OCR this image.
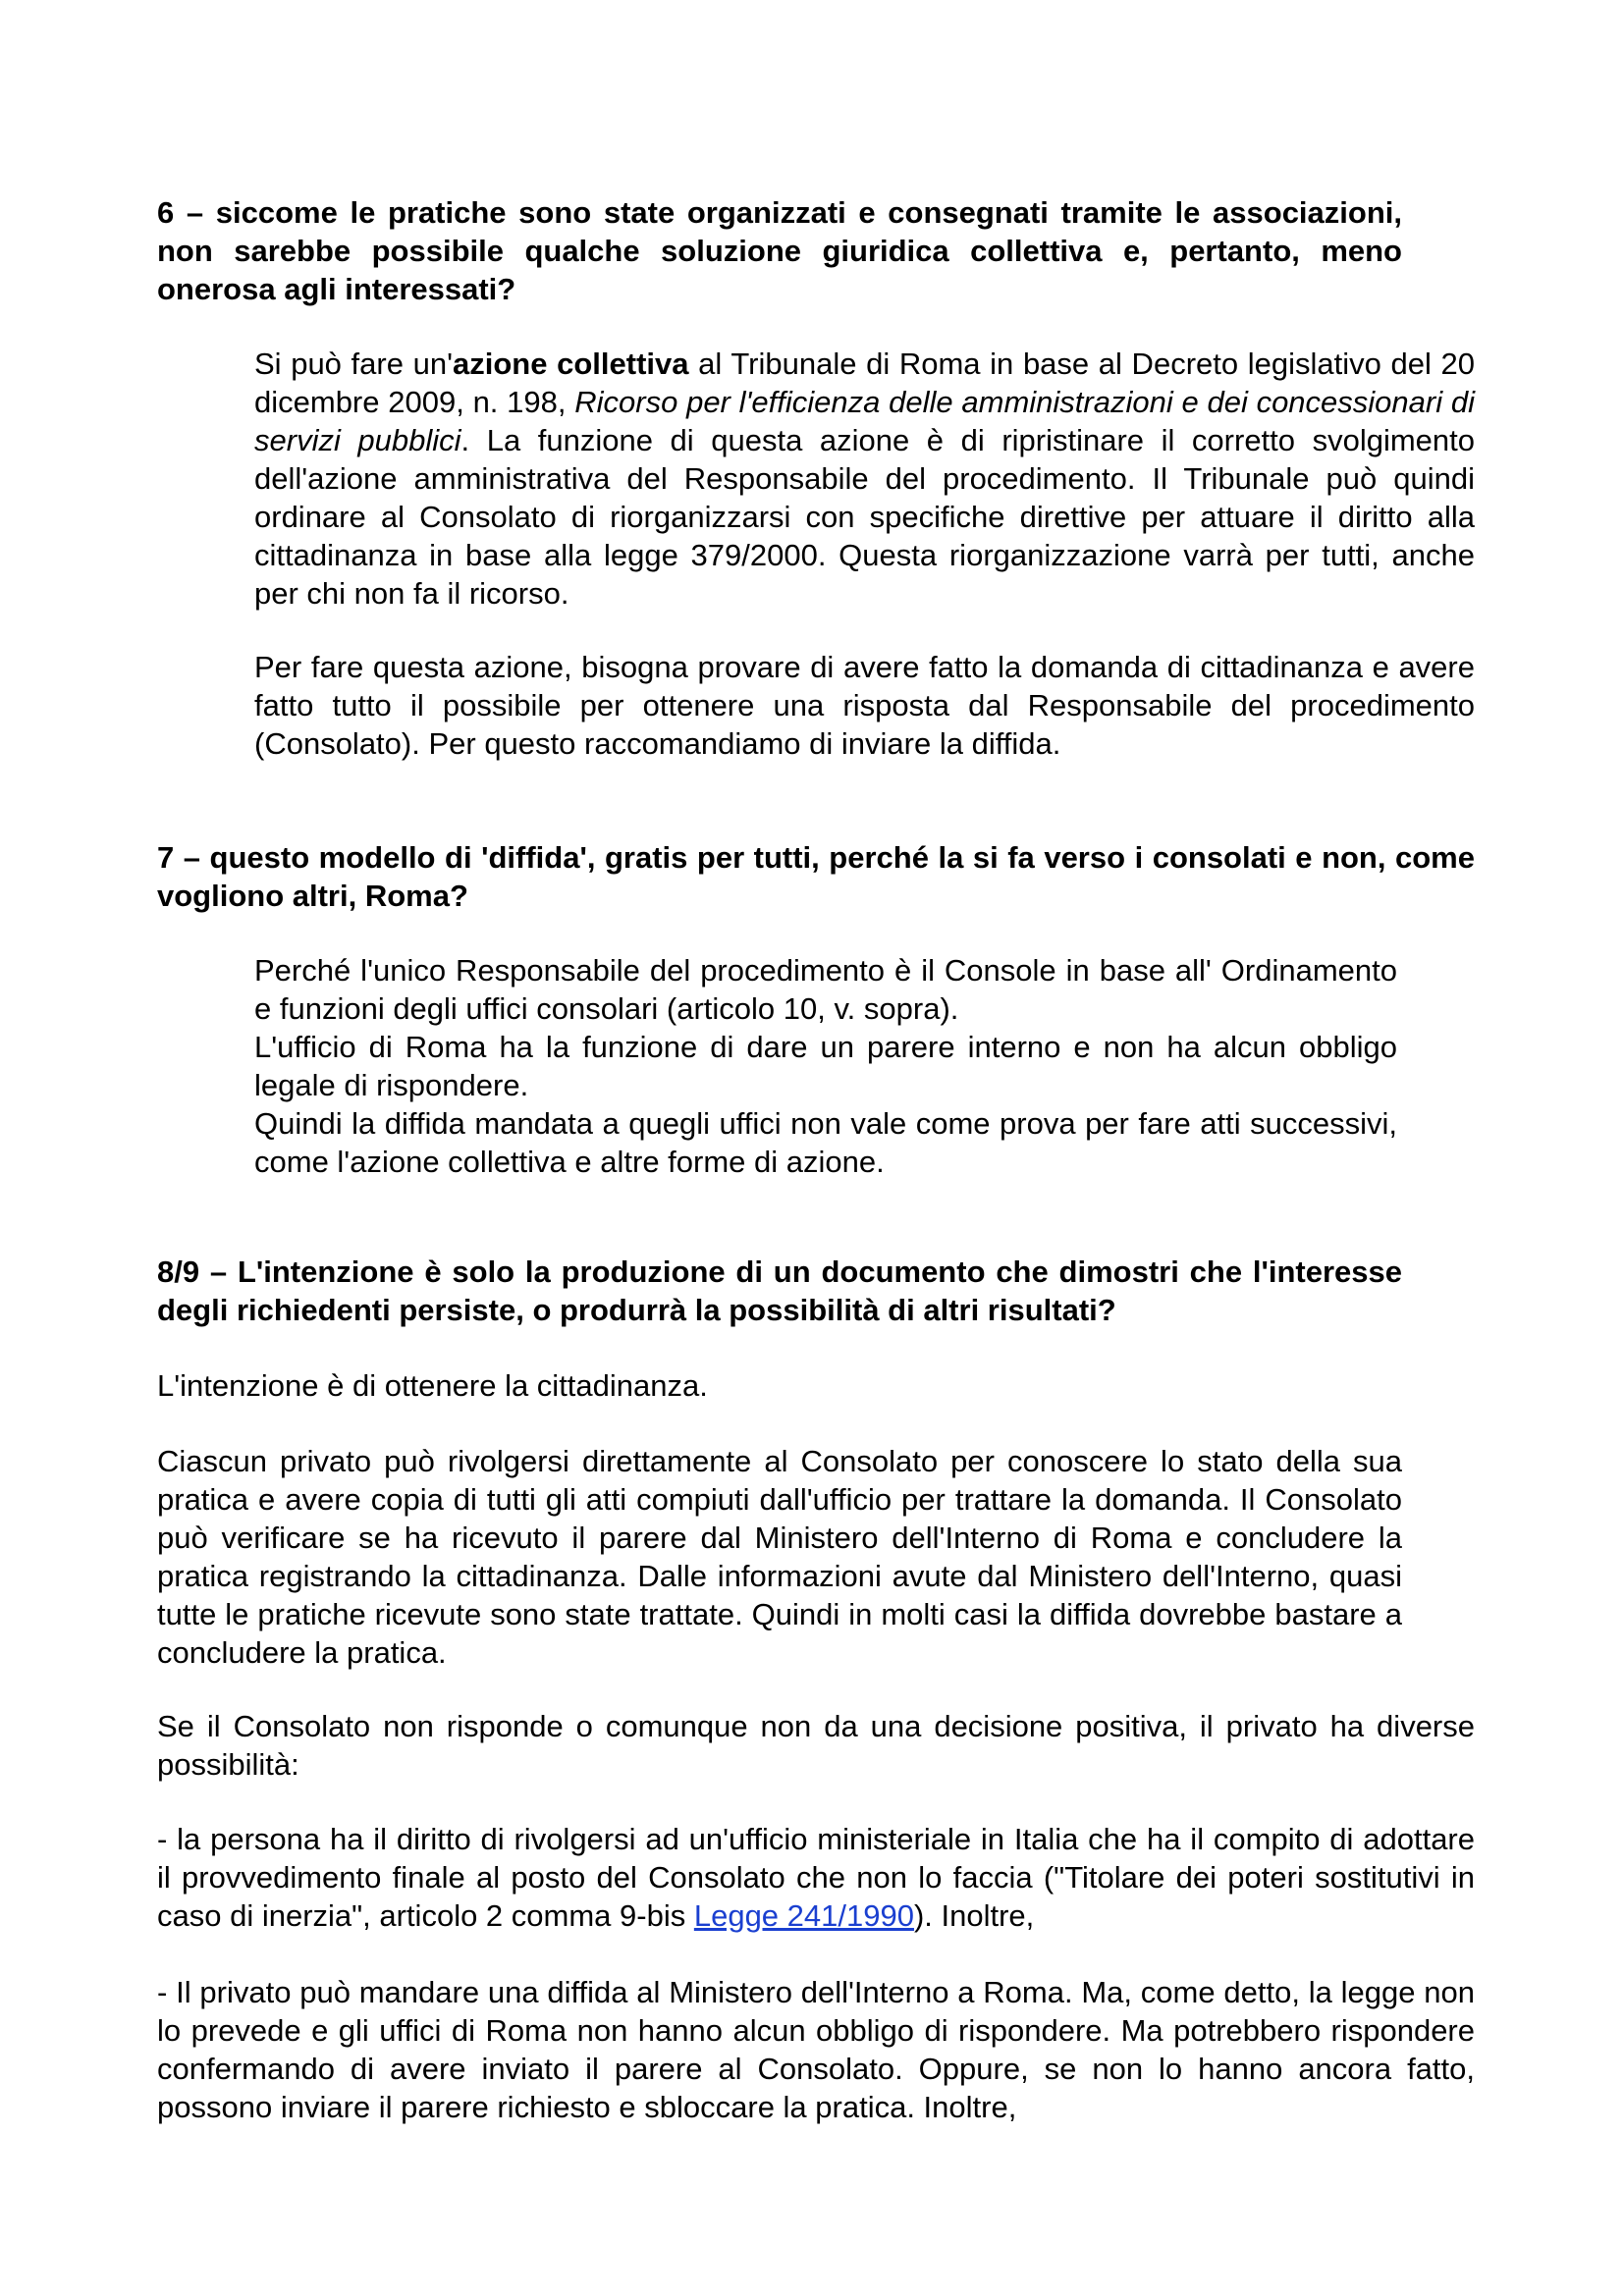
6 – siccome le pratiche sono state organizzati e consegnati tramite le associazioni, non sarebbe possibile qualche soluzione giuridica collettiva e, pertanto, meno onerosa agli interessati?

Si può fare un'azione collettiva al Tribunale di Roma in base al Decreto legislativo del 20 dicembre 2009, n. 198, Ricorso per l'efficienza delle amministrazioni e dei concessionari di servizi pubblici. La funzione di questa azione è di ripristinare il corretto svolgimento dell'azione amministrativa del Responsabile del procedimento. Il Tribunale può quindi ordinare al Consolato di riorganizzarsi con specifiche direttive per attuare il diritto alla cittadinanza in base alla legge 379/2000. Questa riorganizzazione varrà per tutti, anche per chi non fa il ricorso.

Per fare questa azione, bisogna provare di avere fatto la domanda di cittadinanza e avere fatto tutto il possibile per ottenere una risposta dal Responsabile del procedimento (Consolato). Per questo raccomandiamo di inviare la diffida.

7 – questo modello di 'diffida', gratis per tutti, perché la si fa verso i consolati e non, come vogliono altri, Roma?

Perché l'unico Responsabile del procedimento è il Console in base all' Ordinamento e funzioni degli uffici consolari (articolo 10, v. sopra).

L'ufficio di Roma ha la funzione di dare un parere interno e non ha alcun obbligo legale di rispondere.

Quindi la diffida mandata a quegli uffici non vale come prova per fare atti successivi, come l'azione collettiva e altre forme di azione.

8/9 – L'intenzione è solo la produzione di un documento che dimostri che l'interesse degli richiedenti persiste, o produrrà la possibilità di altri risultati?

L'intenzione è di ottenere la cittadinanza.

Ciascun privato può rivolgersi direttamente al Consolato per conoscere lo stato della sua pratica e avere copia di tutti gli atti compiuti dall'ufficio per trattare la domanda. Il Consolato può verificare se ha ricevuto il parere dal Ministero dell'Interno di Roma e concludere la pratica registrando la cittadinanza. Dalle informazioni avute dal Ministero dell'Interno, quasi tutte le pratiche ricevute sono state trattate. Quindi in molti casi la diffida dovrebbe bastare a concludere la pratica.

Se il Consolato non risponde o comunque non da una decisione positiva, il privato ha diverse possibilità:

- la persona ha il diritto di rivolgersi ad un'ufficio ministeriale in Italia che ha il compito di adottare il provvedimento finale al posto del Consolato che non lo faccia ("Titolare dei poteri sostitutivi in caso di inerzia", articolo 2 comma 9-bis Legge 241/1990). Inoltre,

- Il privato può mandare una diffida al Ministero dell'Interno a Roma. Ma, come detto, la legge non lo prevede e gli uffici di Roma non hanno alcun obbligo di rispondere. Ma potrebbero rispondere confermando di avere inviato il parere al Consolato. Oppure, se non lo hanno ancora fatto, possono inviare il parere richiesto e sbloccare la pratica. Inoltre,
